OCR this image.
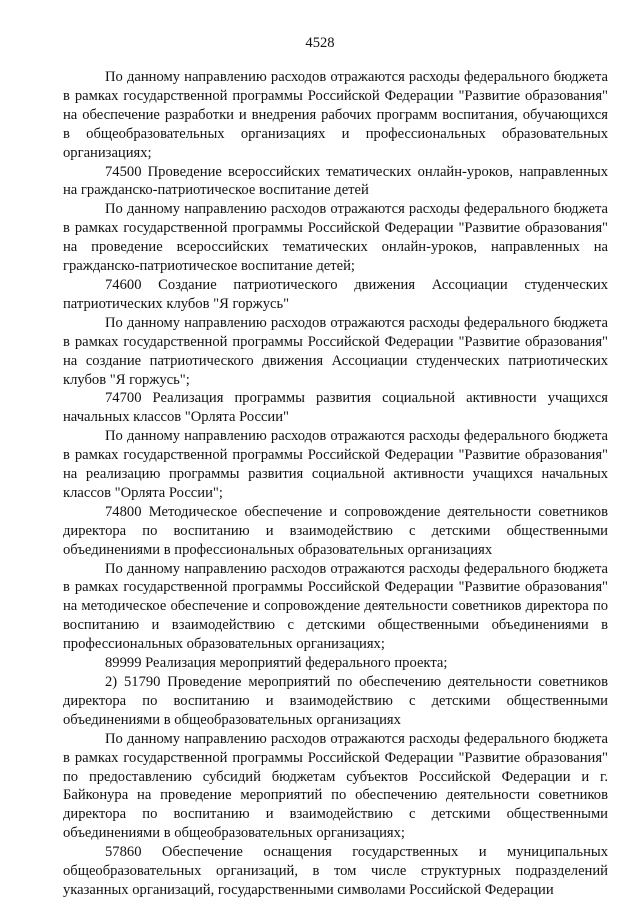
4528

По данному направлению расходов отражаются расходы федерального бюджета в рамках государственной программы Российской Федерации "Развитие образования" на обеспечение разработки и внедрения рабочих программ воспитания, обучающихся в общеобразовательных организациях и профессиональных образовательных организациях;

74500 Проведение всероссийских тематических онлайн-уроков, направленных на гражданско-патриотическое воспитание детей

По данному направлению расходов отражаются расходы федерального бюджета в рамках государственной программы Российской Федерации "Развитие образования" на проведение всероссийских тематических онлайн-уроков, направленных на гражданско-патриотическое воспитание детей;

74600 Создание патриотического движения Ассоциации студенческих патриотических клубов "Я горжусь"

По данному направлению расходов отражаются расходы федерального бюджета в рамках государственной программы Российской Федерации "Развитие образования" на создание патриотического движения Ассоциации студенческих патриотических клубов "Я горжусь";

74700 Реализация программы развития социальной активности учащихся начальных классов "Орлята России"

По данному направлению расходов отражаются расходы федерального бюджета в рамках государственной программы Российской Федерации "Развитие образования" на реализацию программы развития социальной активности учащихся начальных классов "Орлята России";

74800 Методическое обеспечение и сопровождение деятельности советников директора по воспитанию и взаимодействию с детскими общественными объединениями в профессиональных образовательных организациях

По данному направлению расходов отражаются расходы федерального бюджета в рамках государственной программы Российской Федерации "Развитие образования" на методическое обеспечение и сопровождение деятельности советников директора по воспитанию и взаимодействию с детскими общественными объединениями в профессиональных образовательных организациях;

89999 Реализация мероприятий федерального проекта;

2) 51790 Проведение мероприятий по обеспечению деятельности советников директора по воспитанию и взаимодействию с детскими общественными объединениями в общеобразовательных организациях

По данному направлению расходов отражаются расходы федерального бюджета в рамках государственной программы Российской Федерации "Развитие образования" по предоставлению субсидий бюджетам субъектов Российской Федерации и г. Байконура на проведение мероприятий по обеспечению деятельности советников директора по воспитанию и взаимодействию с детскими общественными объединениями в общеобразовательных организациях;

57860 Обеспечение оснащения государственных и муниципальных общеобразовательных организаций, в том числе структурных подразделений указанных организаций, государственными символами Российской Федерации
